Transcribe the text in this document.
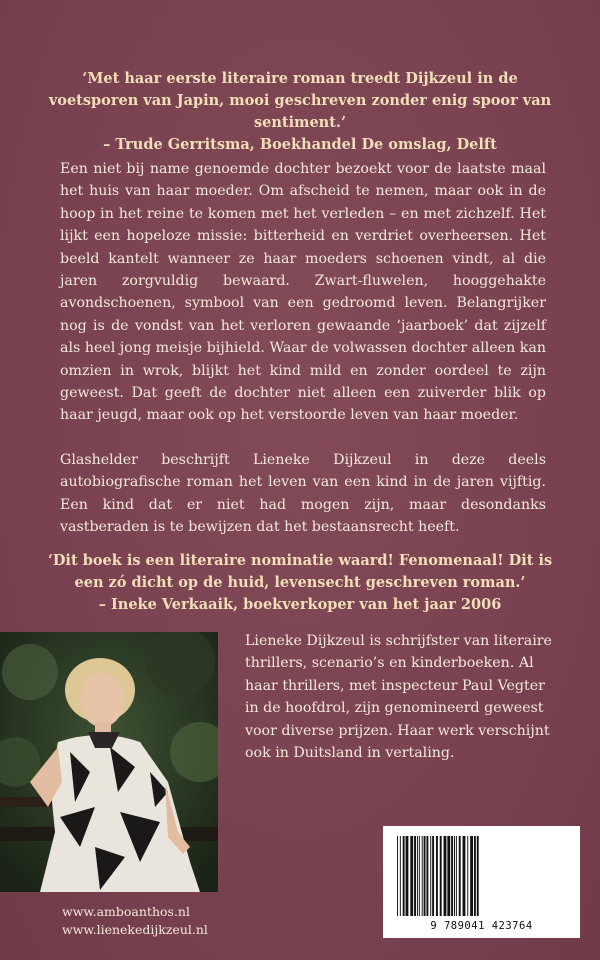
‘Met haar eerste literaire roman treedt Dijkzeul in de voetsporen van Japin, mooi geschreven zonder enig spoor van sentiment.’
– Trude Gerritsma, Boekhandel De omslag, Delft

Een niet bij name genoemde dochter bezoekt voor de laatste maal het huis van haar moeder. Om afscheid te nemen, maar ook in de hoop in het reine te komen met het verleden – en met zichzelf. Het lijkt een hopeloze missie: bitterheid en verdriet overheersen. Het beeld kantelt wanneer ze haar moeders schoenen vindt, al die jaren zorgvuldig bewaard. Zwart-fluwelen, hooggehakte avondschoenen, symbool van een gedroomd leven. Belangrijker nog is de vondst van het verloren gewaande ‘jaarboek’ dat zijzelf als heel jong meisje bijhield. Waar de volwassen dochter alleen kan omzien in wrok, blijkt het kind mild en zonder oordeel te zijn geweest. Dat geeft de dochter niet alleen een zuiverder blik op haar jeugd, maar ook op het verstoorde leven van haar moeder.

Glashelder beschrijft Lieneke Dijkzeul in deze deels autobiografische roman het leven van een kind in de jaren vijftig. Een kind dat er niet had mogen zijn, maar desondanks vastberaden is te bewijzen dat het bestaansrecht heeft.

‘Dit boek is een literaire nominatie waard! Fenomenaal! Dit is een zó dicht op de huid, levensecht geschreven roman.’
– Ineke Verkaaik, boekverkoper van het jaar 2006

Lieneke Dijkzeul is schrijfster van literaire thrillers, scenario’s en kinderboeken. Al haar thrillers, met inspecteur Paul Vegter in de hoofdrol, zijn genomineerd geweest voor diverse prijzen. Haar werk verschijnt ook in Duitsland in vertaling.

9 789041 423764
www.amboanthos.nl
www.lienekedijkzeul.nl
